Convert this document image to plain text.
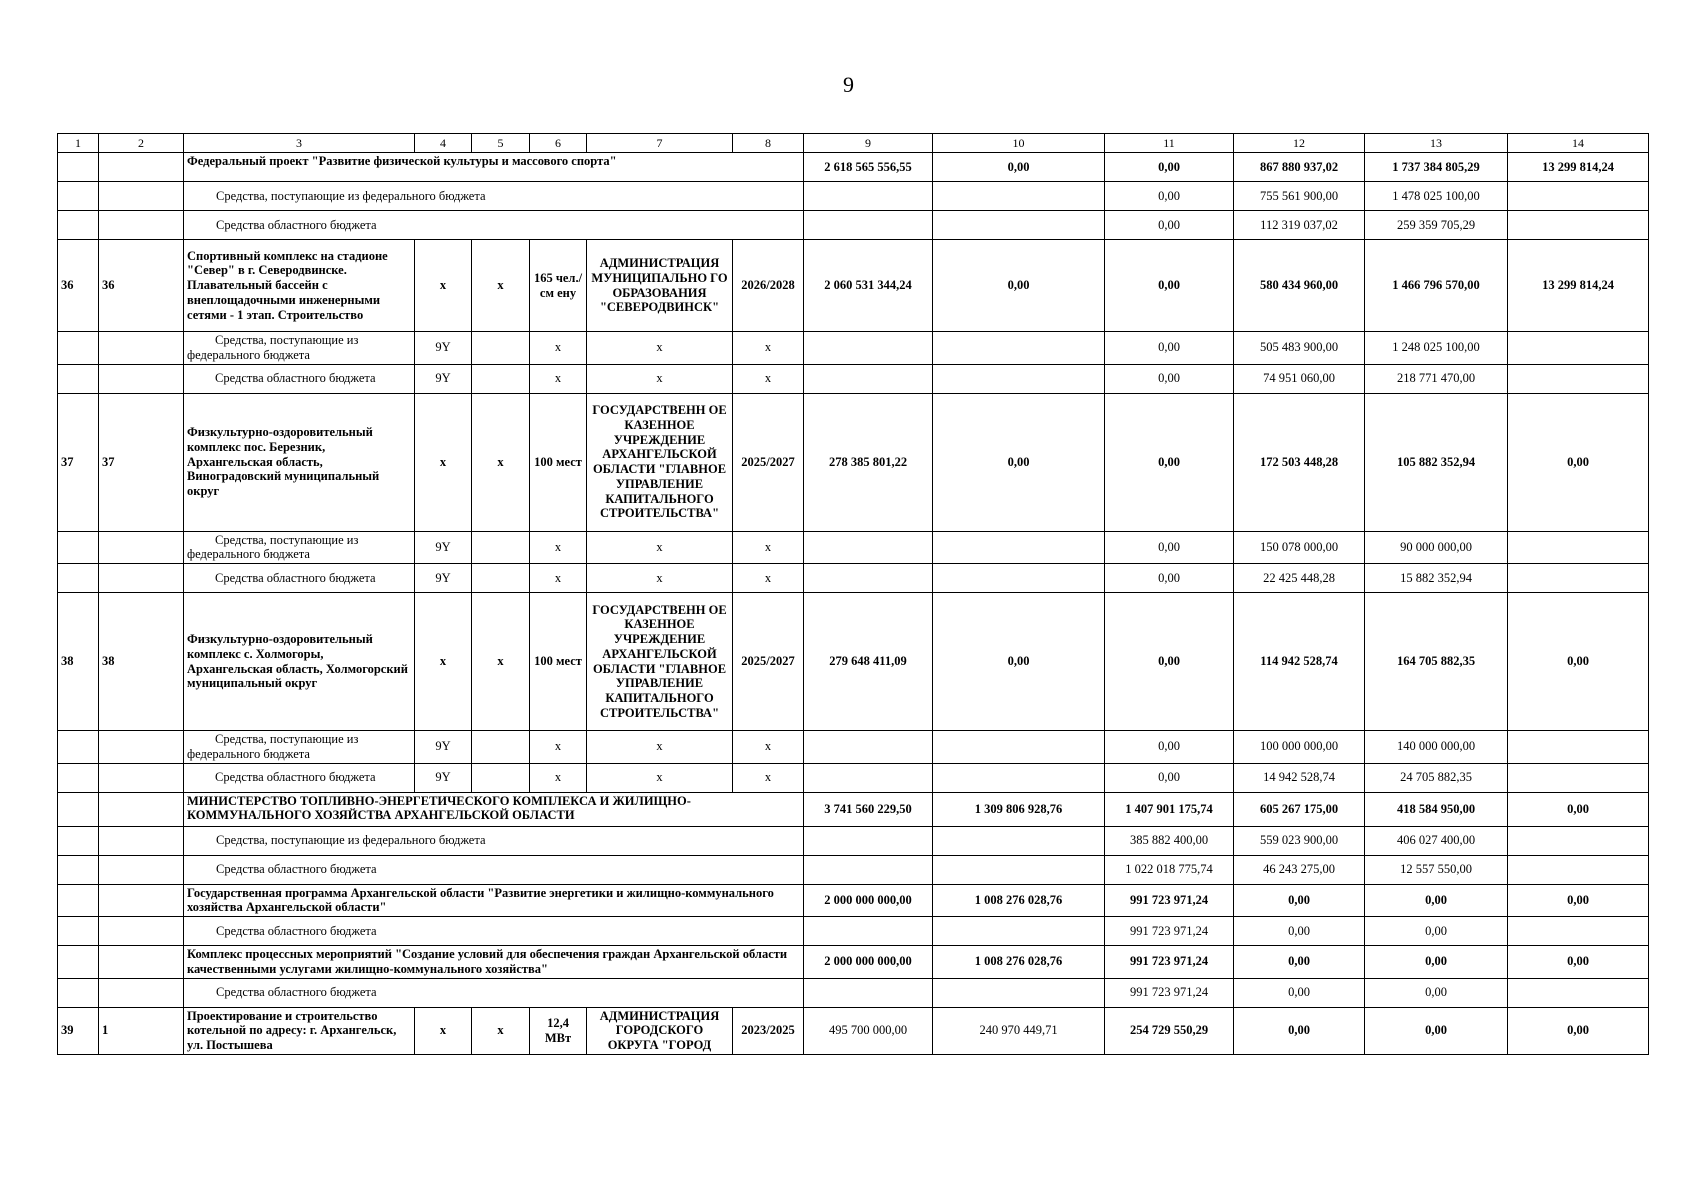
9
1	2	3	4	5	6	7	8	9	10	11	12	13	14
		Федеральный проект "Развитие физической культуры и массового спорта"						2 618 565 556,55	0,00	0,00	867 880 937,02	1 737 384 805,29	13 299 814,24
		Средства, поступающие из федерального бюджета								0,00	755 561 900,00	1 478 025 100,00	
		Средства областного бюджета								0,00	112 319 037,02	259 359 705,29	
36	36	Спортивный комплекс на стадионе "Север" в г. Северодвинске. Плавательный бассейн с внеплощадочными инженерными сетями - 1 этап. Строительство	x	x	165 чел./см ену	АДМИНИСТРАЦИЯ МУНИЦИПАЛЬНО ГО ОБРАЗОВАНИЯ "СЕВЕРОДВИНСК"	2026/2028	2 060 531 344,24	0,00	0,00	580 434 960,00	1 466 796 570,00	13 299 814,24
		Средства, поступающие из федерального бюджета	9Y		x	x	x			0,00	505 483 900,00	1 248 025 100,00	
		Средства областного бюджета	9Y		x	x	x			0,00	74 951 060,00	218 771 470,00	
37	37	Физкультурно-оздоровительный комплекс пос. Березник, Архангельская область, Виноградовский муниципальный округ	x	x	100 мест	ГОСУДАРСТВЕНН ОЕ КАЗЕННОЕ УЧРЕЖДЕНИЕ АРХАНГЕЛЬСКОЙ ОБЛАСТИ "ГЛАВНОЕ УПРАВЛЕНИЕ КАПИТАЛЬНОГО СТРОИТЕЛЬСТВА"	2025/2027	278 385 801,22	0,00	0,00	172 503 448,28	105 882 352,94	0,00
		Средства, поступающие из федерального бюджета	9Y		x	x	x			0,00	150 078 000,00	90 000 000,00	
		Средства областного бюджета	9Y		x	x	x			0,00	22 425 448,28	15 882 352,94	
38	38	Физкультурно-оздоровительный комплекс с. Холмогоры, Архангельская область, Холмогорский муниципальный округ	x	x	100 мест	ГОСУДАРСТВЕНН ОЕ КАЗЕННОЕ УЧРЕЖДЕНИЕ АРХАНГЕЛЬСКОЙ ОБЛАСТИ "ГЛАВНОЕ УПРАВЛЕНИЕ КАПИТАЛЬНОГО СТРОИТЕЛЬСТВА"	2025/2027	279 648 411,09	0,00	0,00	114 942 528,74	164 705 882,35	0,00
		Средства, поступающие из федерального бюджета	9Y		x	x	x			0,00	100 000 000,00	140 000 000,00	
		Средства областного бюджета	9Y		x	x	x			0,00	14 942 528,74	24 705 882,35	
		МИНИСТЕРСТВО ТОПЛИВНО-ЭНЕРГЕТИЧЕСКОГО КОМПЛЕКСА И ЖИЛИЩНО-КОММУНАЛЬНОГО ХОЗЯЙСТВА АРХАНГЕЛЬСКОЙ ОБЛАСТИ						3 741 560 229,50	1 309 806 928,76	1 407 901 175,74	605 267 175,00	418 584 950,00	0,00
		Средства, поступающие из федерального бюджета								385 882 400,00	559 023 900,00	406 027 400,00	
		Средства областного бюджета								1 022 018 775,74	46 243 275,00	12 557 550,00	
		Государственная программа Архангельской области "Развитие энергетики и жилищно-коммунального хозяйства Архангельской области"						2 000 000 000,00	1 008 276 028,76	991 723 971,24	0,00	0,00	0,00
		Средства областного бюджета								991 723 971,24	0,00	0,00	
		Комплекс процессных мероприятий "Создание условий для обеспечения граждан Архангельской области качественными услугами жилищно-коммунального хозяйства"						2 000 000 000,00	1 008 276 028,76	991 723 971,24	0,00	0,00	0,00
		Средства областного бюджета								991 723 971,24	0,00	0,00	
39	1	Проектирование и строительство котельной по адресу: г. Архангельск, ул. Постышева	x	x	12,4 МВт	АДМИНИСТРАЦИЯ ГОРОДСКОГО ОКРУГА "ГОРОД	2023/2025	495 700 000,00	240 970 449,71	254 729 550,29	0,00	0,00	0,00
